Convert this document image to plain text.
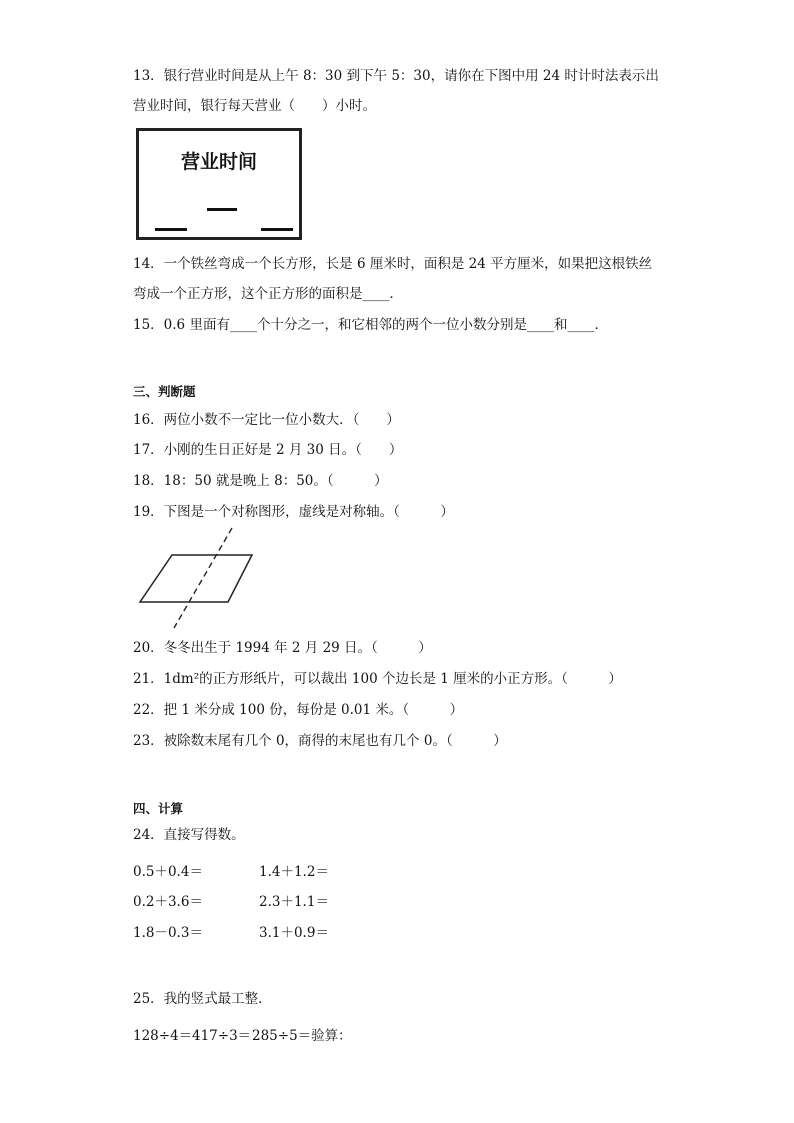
13．银行营业时间是从上午 8：30 到下午 5：30，请你在下图中用 24 时计时法表示出
营业时间，银行每天营业（　　）小时。
营业时间
14．一个铁丝弯成一个长方形，长是 6 厘米时，面积是 24 平方厘米，如果把这根铁丝
弯成一个正方形，这个正方形的面积是____．
15．0.6 里面有____个十分之一，和它相邻的两个一位小数分别是____和____．
三、判断题
16．两位小数不一定比一位小数大．（　　）
17．小刚的生日正好是 2 月 30 日。（　　）
18．18：50 就是晚上 8：50。（　　　）
19．下图是一个对称图形，虚线是对称轴。（　　　）
20．冬冬出生于 1994 年 2 月 29 日。（　　　）
21．1dm²的正方形纸片，可以裁出 100 个边长是 1 厘米的小正方形。（　　　）
22．把 1 米分成 100 份，每份是 0.01 米。（　　　）
23．被除数末尾有几个 0，商得的末尾也有几个 0。（　　　）
四、计算
24．直接写得数。
0.5＋0.4＝	1.4＋1.2＝
0.2＋3.6＝	2.3＋1.1＝
1.8－0.3＝	3.1＋0.9＝
25．我的竖式最工整．
128÷4＝ 417÷3＝ 285÷5＝验算：
